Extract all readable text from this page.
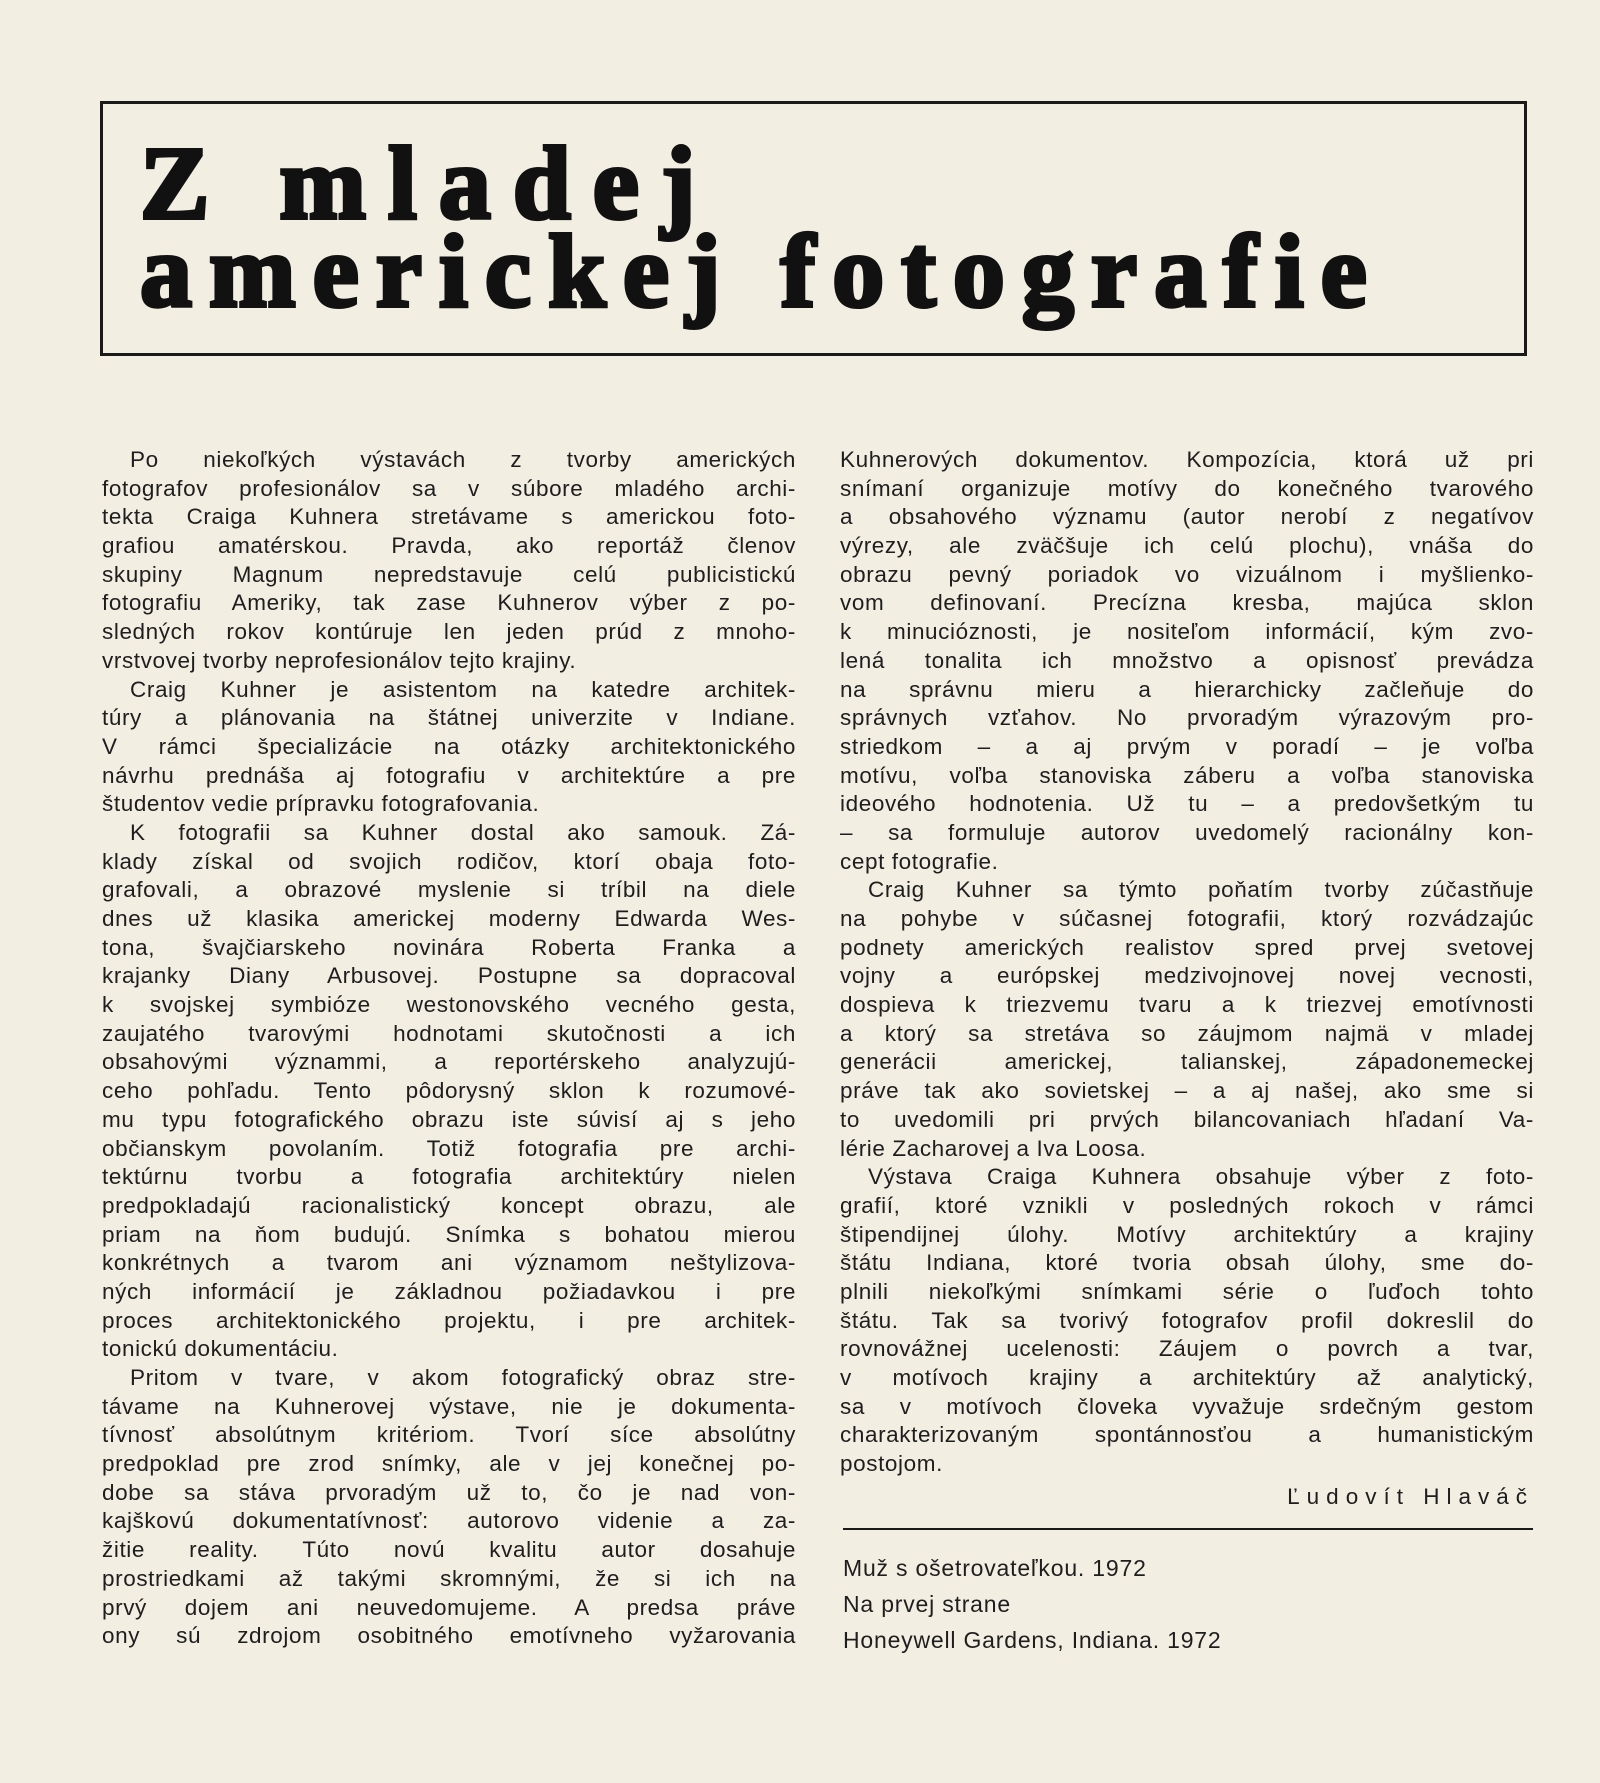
Z mladej
americkej fotografie
Po niekoľkých výstavách z tvorby amerických
fotografov profesionálov sa v súbore mladého archi-
tekta Craiga Kuhnera stretávame s americkou foto-
grafiou amatérskou. Pravda, ako reportáž členov
skupiny Magnum nepredstavuje celú publicistickú
fotografiu Ameriky, tak zase Kuhnerov výber z po-
sledných rokov kontúruje len jeden prúd z mnoho-
vrstvovej tvorby neprofesionálov tejto krajiny.
Craig Kuhner je asistentom na katedre architek-
túry a plánovania na štátnej univerzite v Indiane.
V rámci špecializácie na otázky architektonického
návrhu prednáša aj fotografiu v architektúre a pre
študentov vedie prípravku fotografovania.
K fotografii sa Kuhner dostal ako samouk. Zá-
klady získal od svojich rodičov, ktorí obaja foto-
grafovali, a obrazové myslenie si tríbil na diele
dnes už klasika americkej moderny Edwarda Wes-
tona, švajčiarskeho novinára Roberta Franka a
krajanky Diany Arbusovej. Postupne sa dopracoval
k svojskej symbióze westonovského vecného gesta,
zaujatého tvarovými hodnotami skutočnosti a ich
obsahovými význammi, a reportérskeho analyzujú-
ceho pohľadu. Tento pôdorysný sklon k rozumové-
mu typu fotografického obrazu iste súvisí aj s jeho
občianskym povolaním. Totiž fotografia pre archi-
tektúrnu tvorbu a fotografia architektúry nielen
predpokladajú racionalistický koncept obrazu, ale
priam na ňom budujú. Snímka s bohatou mierou
konkrétnych a tvarom ani významom neštylizova-
ných informácií je základnou požiadavkou i pre
proces architektonického projektu, i pre architek-
tonickú dokumentáciu.
Pritom v tvare, v akom fotografický obraz stre-
távame na Kuhnerovej výstave, nie je dokumenta-
tívnosť absolútnym kritériom. Tvorí síce absolútny
predpoklad pre zrod snímky, ale v jej konečnej po-
dobe sa stáva prvoradým už to, čo je nad von-
kajškovú dokumentatívnosť: autorovo videnie a za-
žitie reality. Túto novú kvalitu autor dosahuje
prostriedkami až takými skromnými, že si ich na
prvý dojem ani neuvedomujeme. A predsa práve
ony sú zdrojom osobitného emotívneho vyžarovania
Kuhnerových dokumentov. Kompozícia, ktorá už pri
snímaní organizuje motívy do konečného tvarového
a obsahového významu (autor nerobí z negatívov
výrezy, ale zväčšuje ich celú plochu), vnáša do
obrazu pevný poriadok vo vizuálnom i myšlienko-
vom definovaní. Precízna kresba, majúca sklon
k minucióznosti, je nositeľom informácií, kým zvo-
lená tonalita ich množstvo a opisnosť prevádza
na správnu mieru a hierarchicky začleňuje do
správnych vzťahov. No prvoradým výrazovým pro-
striedkom – a aj prvým v poradí – je voľba
motívu, voľba stanoviska záberu a voľba stanoviska
ideového hodnotenia. Už tu – a predovšetkým tu
– sa formuluje autorov uvedomelý racionálny kon-
cept fotografie.
Craig Kuhner sa týmto poňatím tvorby zúčastňuje
na pohybe v súčasnej fotografii, ktorý rozvádzajúc
podnety amerických realistov spred prvej svetovej
vojny a európskej medzivojnovej novej vecnosti,
dospieva k triezvemu tvaru a k triezvej emotívnosti
a ktorý sa stretáva so záujmom najmä v mladej
generácii americkej, talianskej, západonemeckej
práve tak ako sovietskej – a aj našej, ako sme si
to uvedomili pri prvých bilancovaniach hľadaní Va-
lérie Zacharovej a Iva Loosa.
Výstava Craiga Kuhnera obsahuje výber z foto-
grafií, ktoré vznikli v posledných rokoch v rámci
štipendijnej úlohy. Motívy architektúry a krajiny
štátu Indiana, ktoré tvoria obsah úlohy, sme do-
plnili niekoľkými snímkami série o ľuďoch tohto
štátu. Tak sa tvorivý fotografov profil dokreslil do
rovnovážnej ucelenosti: Záujem o povrch a tvar,
v motívoch krajiny a architektúry až analytický,
sa v motívoch človeka vyvažuje srdečným gestom
charakterizovaným spontánnosťou a humanistickým
postojom.
Ľudovít Hlaváč
Muž s ošetrovateľkou. 1972
Na prvej strane
Honeywell Gardens, Indiana. 1972
